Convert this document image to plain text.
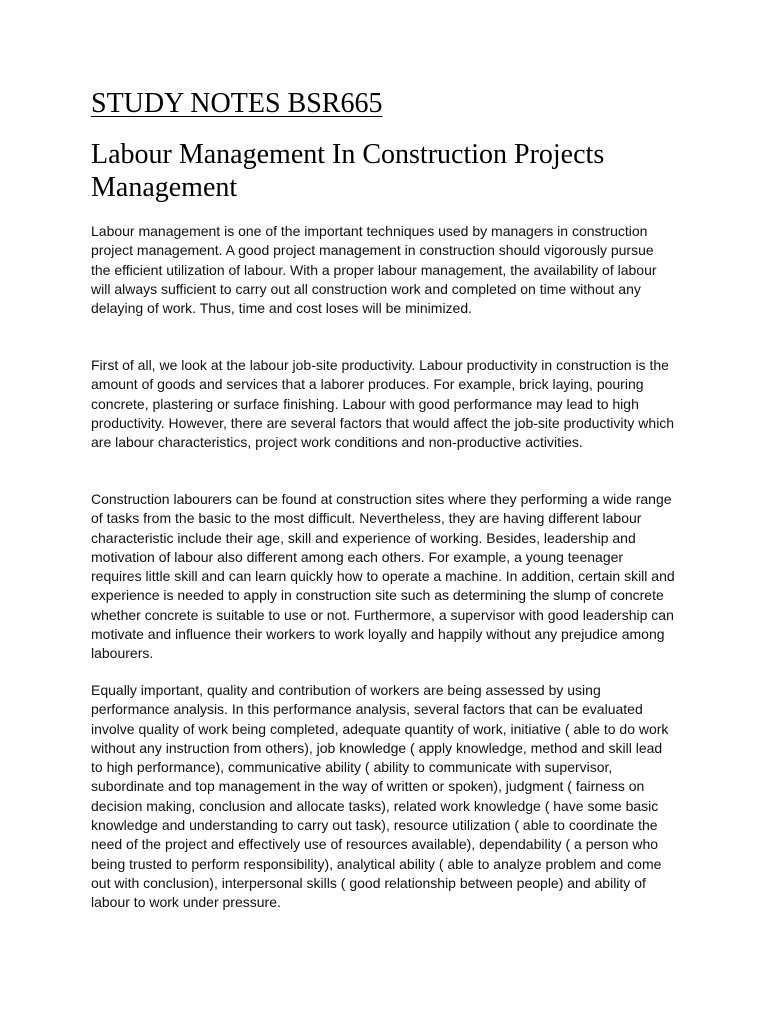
STUDY NOTES BSR665
Labour Management In Construction Projects Management

Labour management is one of the important techniques used by managers in construction project management. A good project management in construction should vigorously pursue the efficient utilization of labour. With a proper labour management, the availability of labour will always sufficient to carry out all construction work and completed on time without any delaying of work. Thus, time and cost loses will be minimized.

First of all, we look at the labour job-site productivity. Labour productivity in construction is the amount of goods and services that a laborer produces. For example, brick laying, pouring concrete, plastering or surface finishing. Labour with good performance may lead to high productivity. However, there are several factors that would affect the job-site productivity which are labour characteristics, project work conditions and non-productive activities.

Construction labourers can be found at construction sites where they performing a wide range of tasks from the basic to the most difficult. Nevertheless, they are having different labour characteristic include their age, skill and experience of working. Besides, leadership and motivation of labour also different among each others. For example, a young teenager requires little skill and can learn quickly how to operate a machine. In addition, certain skill and experience is needed to apply in construction site such as determining the slump of concrete whether concrete is suitable to use or not. Furthermore, a supervisor with good leadership can motivate and influence their workers to work loyally and happily without any prejudice among labourers.

Equally important, quality and contribution of workers are being assessed by using performance analysis. In this performance analysis, several factors that can be evaluated involve quality of work being completed, adequate quantity of work, initiative ( able to do work without any instruction from others), job knowledge ( apply knowledge, method and skill lead to high performance), communicative ability ( ability to communicate with supervisor, subordinate and top management in the way of written or spoken), judgment ( fairness on decision making, conclusion and allocate tasks), related work knowledge ( have some basic knowledge and understanding to carry out task), resource utilization ( able to coordinate the need of the project and effectively use of resources available), dependability ( a person who being trusted to perform responsibility), analytical ability ( able to analyze problem and come out with conclusion), interpersonal skills ( good relationship between people) and ability of labour to work under pressure.
